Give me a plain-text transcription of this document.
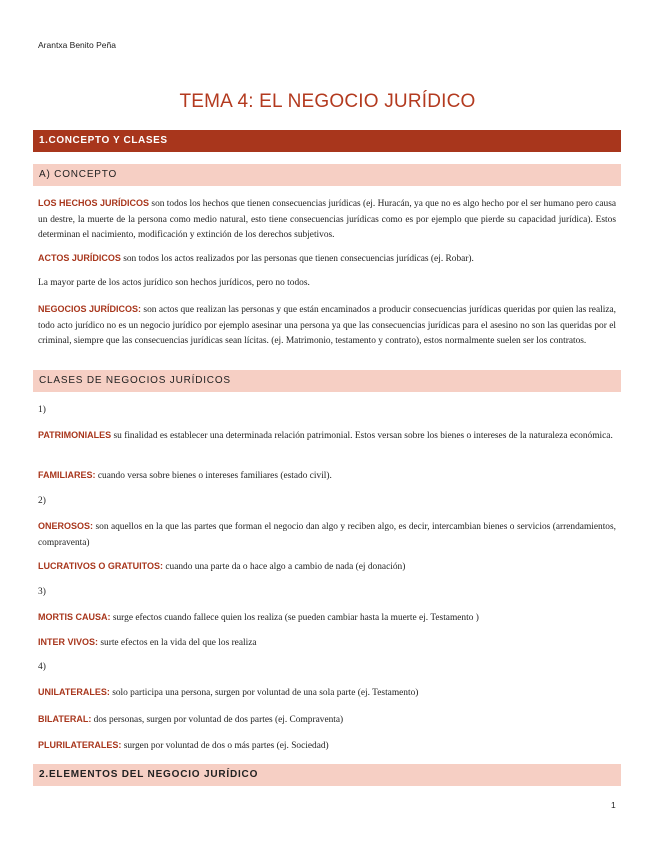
Arantxa Benito Peña
TEMA 4: EL NEGOCIO JURÍDICO
1.CONCEPTO Y CLASES
A) CONCEPTO
LOS HECHOS JURÍDICOS son todos los hechos que tienen consecuencias jurídicas (ej. Huracán, ya que no es algo hecho por el ser humano pero causa un destre, la muerte de la persona como medio natural, esto tiene consecuencias jurídicas como es por ejemplo que pierde su capacidad jurídica). Estos determinan el nacimiento, modificación y extinción de los derechos subjetivos.
ACTOS JURÍDICOS son todos los actos realizados por las personas que tienen consecuencias jurídicas (ej. Robar).
La mayor parte de los actos jurídico son hechos jurídicos, pero no todos.
NEGOCIOS JURÍDICOS: son actos que realizan las personas y que están encaminados a producir consecuencias jurídicas queridas por quien las realiza, todo acto jurídico no es un negocio jurídico por ejemplo asesinar una persona ya que las consecuencias jurídicas para el asesino no son las queridas por el criminal, siempre que las consecuencias jurídicas sean lícitas. (ej. Matrimonio, testamento y contrato), estos normalmente suelen ser los contratos.
CLASES DE NEGOCIOS JURÍDICOS
1)
PATRIMONIALES su finalidad es establecer una determinada relación patrimonial. Estos versan sobre los bienes o intereses de la naturaleza económica.
FAMILIARES: cuando versa sobre bienes o intereses familiares (estado civil).
2)
ONEROSOS: son aquellos en la que las partes que forman el negocio dan algo y reciben algo, es decir, intercambian bienes o servicios (arrendamientos, compraventa)
LUCRATIVOS O GRATUITOS: cuando una parte da o hace algo a cambio de nada (ej donación)
3)
MORTIS CAUSA: surge efectos cuando fallece quien los realiza (se pueden cambiar hasta la muerte ej. Testamento )
INTER VIVOS: surte efectos en la vida del que los realiza
4)
UNILATERALES: solo participa una persona, surgen por voluntad de una sola parte (ej. Testamento)
BILATERAL: dos personas, surgen por voluntad de dos partes (ej. Compraventa)
PLURILATERALES: surgen por voluntad de dos o más partes (ej. Sociedad)
2.ELEMENTOS DEL NEGOCIO JURÍDICO
1
